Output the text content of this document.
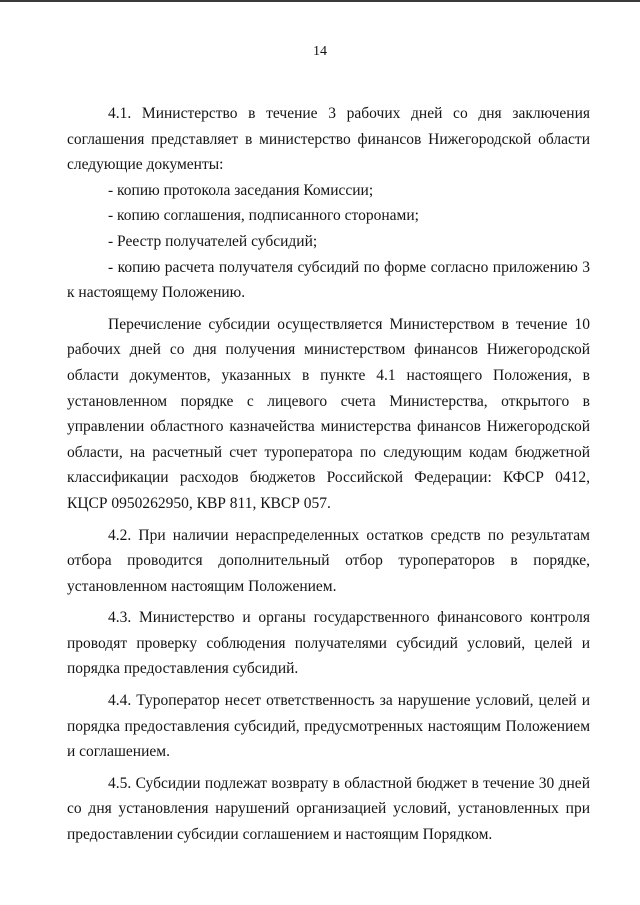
14

4.1. Министерство в течение 3 рабочих дней со дня заключения соглашения представляет в министерство финансов Нижегородской области следующие документы:

- копию протокола заседания Комиссии;

- копию соглашения, подписанного сторонами;

- Реестр получателей субсидий;

- копию расчета получателя субсидий по форме согласно приложению 3 к настоящему Положению.

Перечисление субсидии осуществляется Министерством в течение 10 рабочих дней со дня получения министерством финансов Нижегородской области документов, указанных в пункте 4.1 настоящего Положения, в установленном порядке с лицевого счета Министерства, открытого в управлении областного казначейства министерства финансов Нижегородской области, на расчетный счет туроператора по следующим кодам бюджетной классификации расходов бюджетов Российской Федерации: КФСР 0412, КЦСР 0950262950, КВР 811, КВСР 057.

4.2. При наличии нераспределенных остатков средств по результатам отбора проводится дополнительный отбор туроператоров в порядке, установленном настоящим Положением.

4.3. Министерство и органы государственного финансового контроля проводят проверку соблюдения получателями субсидий условий, целей и порядка предоставления субсидий.

4.4. Туроператор несет ответственность за нарушение условий, целей и порядка предоставления субсидий, предусмотренных настоящим Положением и соглашением.

4.5. Субсидии подлежат возврату в областной бюджет в течение 30 дней со дня установления нарушений организацией условий, установленных при предоставлении субсидии соглашением и настоящим Порядком.
